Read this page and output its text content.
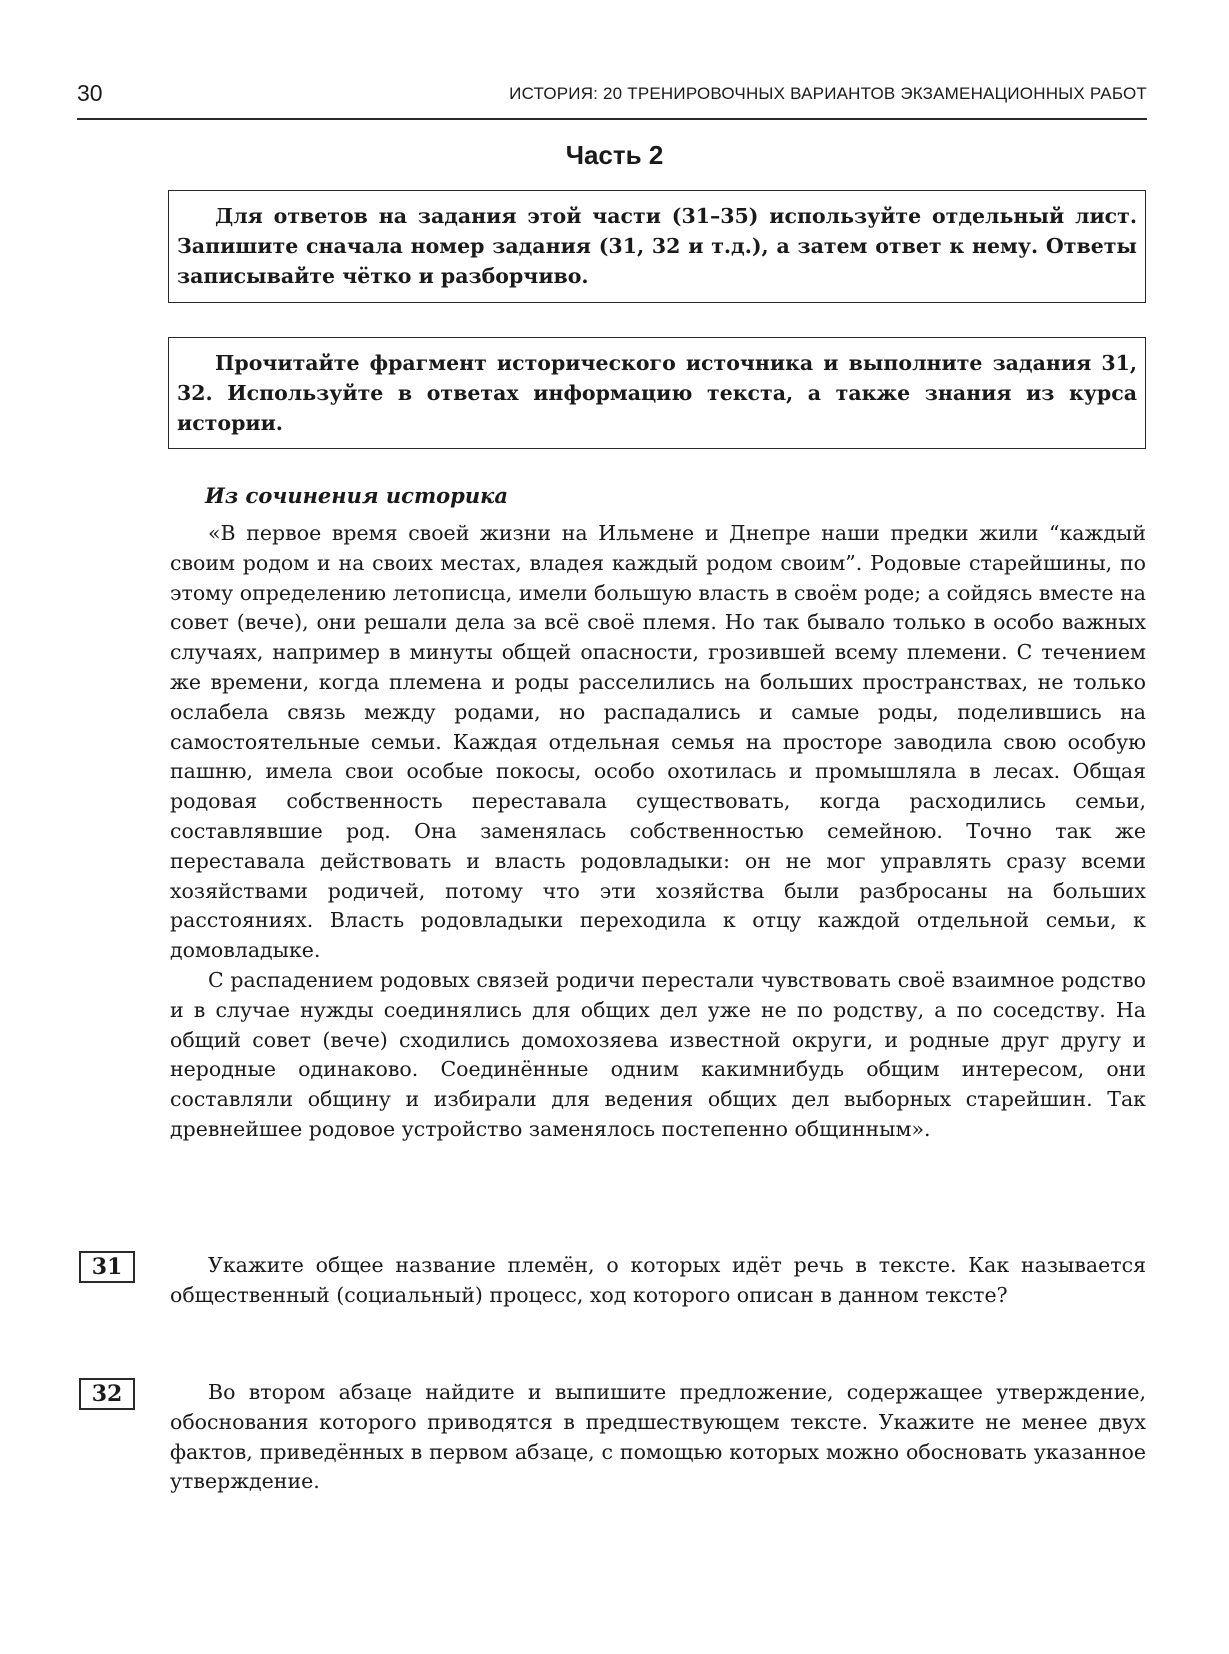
30	ИСТОРИЯ: 20 ТРЕНИРОВОЧНЫХ ВАРИАНТОВ ЭКЗАМЕНАЦИОННЫХ РАБОТ
Часть 2
Для ответов на задания этой части (31–35) используйте отдельный лист. Запишите сначала номер задания (31, 32 и т.д.), а затем ответ к нему. Ответы записывайте чётко и разборчиво.
Прочитайте фрагмент исторического источника и выполните задания 31, 32. Используйте в ответах информацию текста, а также знания из курса истории.
Из сочинения историка

«В первое время своей жизни на Ильмене и Днепре наши предки жили “каждый своим родом и на своих местах, владея каждый родом своим”. Родовые старейшины, по этому определению летописца, имели большую власть в своём роде; а сойдясь вместе на совет (вече), они решали дела за всё своё племя. Но так бывало только в особо важных случаях, например в минуты общей опасности, грозившей всему племени. С течением же времени, когда племена и роды расселились на больших пространствах, не только ослабела связь между родами, но распадались и самые роды, поделившись на самостоятельные семьи. Каждая отдельная семья на просторе заводила свою особую пашню, имела свои особые покосы, особо охотилась и промышляла в лесах. Общая родовая собственность переставала существовать, когда расходились семьи, составлявшие род. Она заменялась собственностью семейною. Точно так же переставала действовать и власть родовладыки: он не мог управлять сразу всеми хозяйствами родичей, потому что эти хозяйства были разбросаны на больших расстояниях. Власть родовладыки переходила к отцу каждой отдельной семьи, к домовладыке.

С распадением родовых связей родичи перестали чувствовать своё взаимное родство и в случае нужды соединялись для общих дел уже не по родству, а по соседству. На общий совет (вече) сходились домохозяева известной округи, и родные друг другу и неродные одинаково. Соединённые одним какимнибудь общим интересом, они составляли общину и избирали для ведения общих дел выборных старейшин. Так древнейшее родовое устройство заменялось постепенно общинным».

31	Укажите общее название племён, о которых идёт речь в тексте. Как называется общественный (социальный) процесс, ход которого описан в данном тексте?
32	Во втором абзаце найдите и выпишите предложение, содержащее утверждение, обоснования которого приводятся в предшествующем тексте. Укажите не менее двух фактов, приведённых в первом абзаце, с помощью которых можно обосновать указанное утверждение.
